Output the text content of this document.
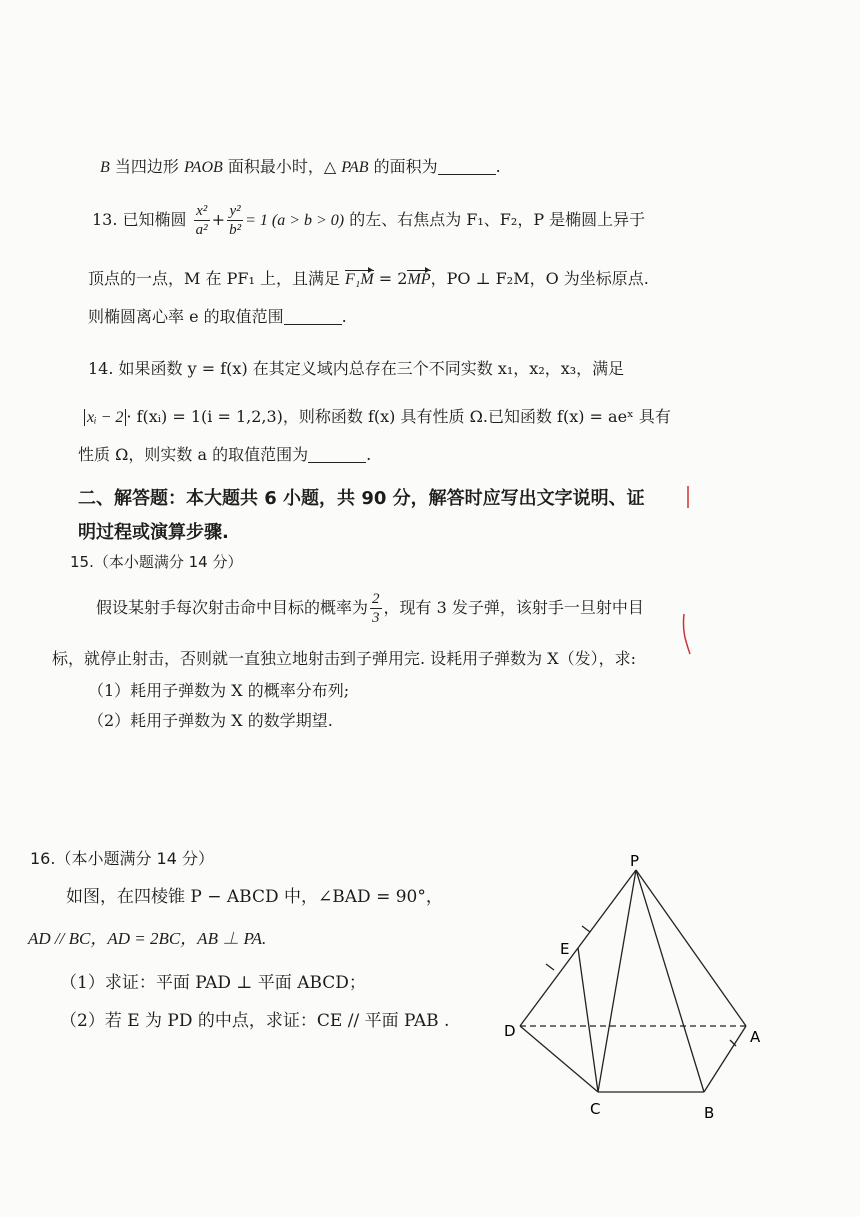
B 当四边形 PAOB 面积最小时，△ PAB 的面积为	.
13. 已知椭圆 $\frac{\text{x²}}{\text{a²}} + \frac{\text{y²}}{\text{b²}} = 1$ (a > b > 0) 的左、右焦点为 F₁、F₂，P 是椭圆上异于
顶点的一点，M 在 PF₁ 上，且满足 F₁M = 2MP，PO ⊥ F₂M，O 为坐标原点.
则椭圆离心率 e 的取值范围	.
14. 如果函数 y = f(x) 在其定义域内总存在三个不同实数 x₁，x₂，x₃，满足
xᵢ − 2 · f(xᵢ) = 1(i = 1,2,3)，则称函数 f(x) 具有性质 Ω.已知函数 f(x) = aeˣ 具有
性质 Ω，则实数 a 的取值范围为	.
二、解答题：本大题共 6 小题，共 90 分，解答时应写出文字说明、证
明过程或演算步骤.
15.（本小题满分 14 分）
假设某射手每次射击命中目标的概率为 $\frac{2}{3}$ ，现有 3 发子弹，该射手一旦射中目
标，就停止射击，否则就一直独立地射击到子弹用完. 设耗用子弹数为 X（发），求:
（1）耗用子弹数为 X 的概率分布列;
（2）耗用子弹数为 X 的数学期望.
16.（本小题满分 14 分）
如图，在四棱锥 P − ABCD 中，∠BAD = 90°，
AD // BC，AD = 2BC，AB ⊥ PA.
（1）求证：平面 PAD ⊥ 平面 ABCD；
（2）若 E 为 PD 的中点，求证：CE // 平面 PAB .
P
E
D	A
C	B
